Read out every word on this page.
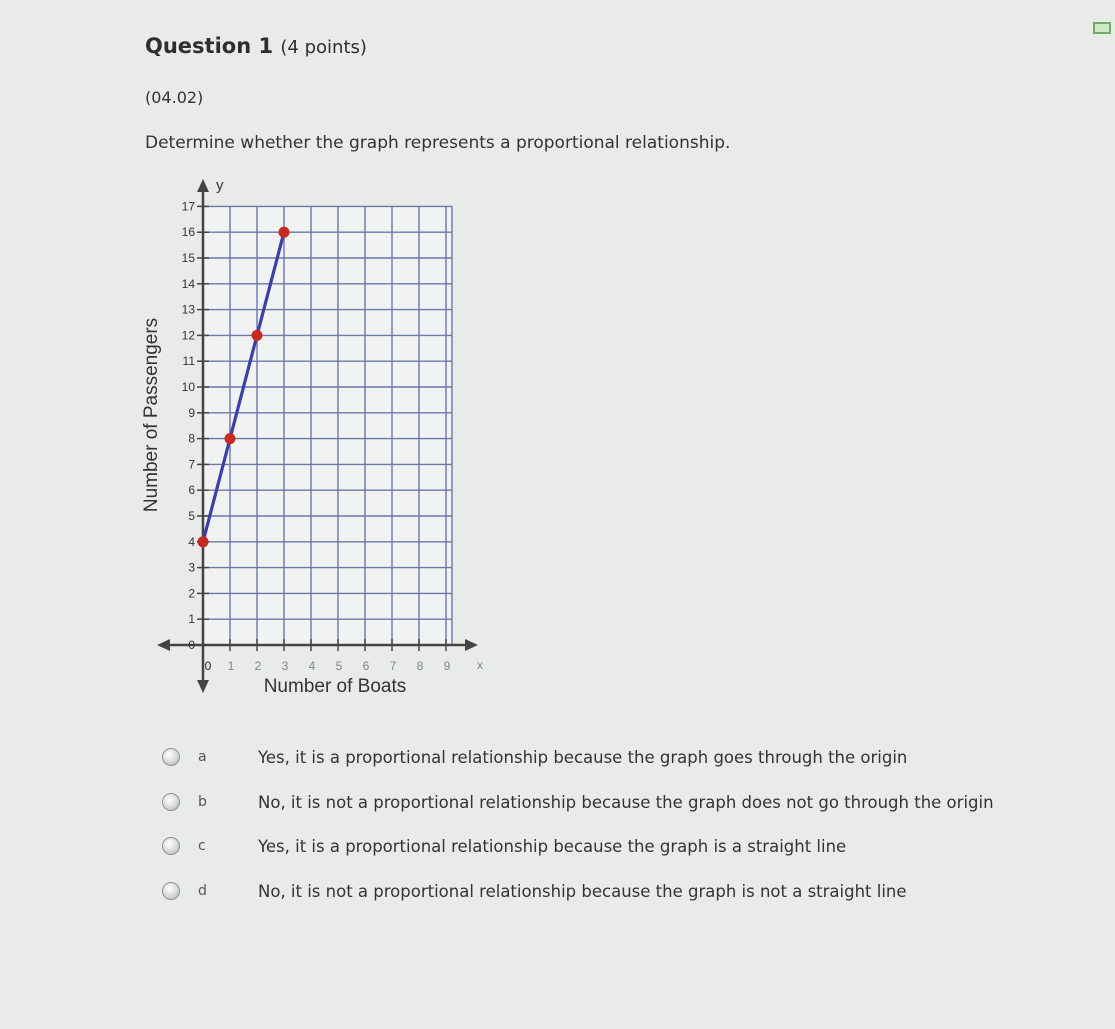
Question 1 (4 points)
(04.02)
Determine whether the graph represents a proportional relationship.
0
1
2
3
4
5
6
7
8
9
10
11
12
13
14
15
16
17
0 1 2 3 4 5 6 7 8 9 x
y
Number of Boats
Number of Passengers
a	Yes, it is a proportional relationship because the graph goes through the origin
b	No, it is not a proportional relationship because the graph does not go through the origin
c	Yes, it is a proportional relationship because the graph is a straight line
d	No, it is not a proportional relationship because the graph is not a straight line
